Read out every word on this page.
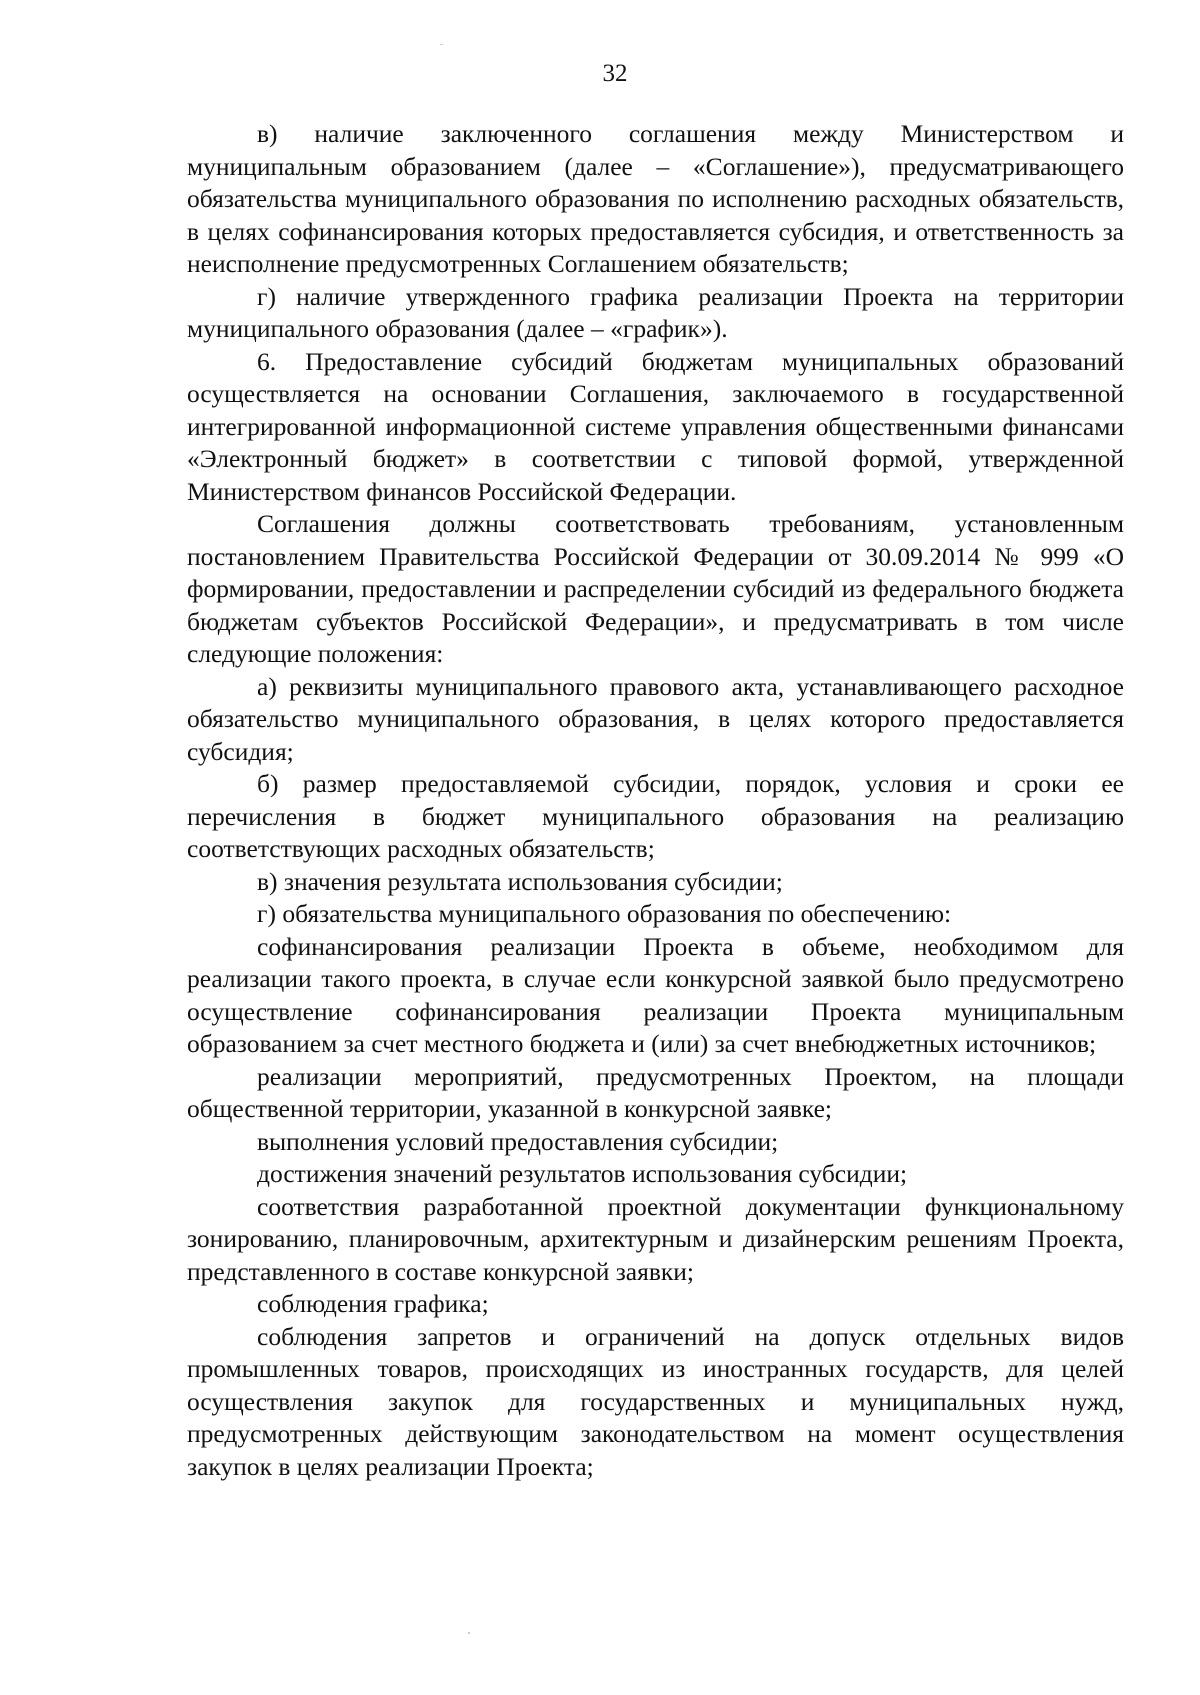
32

в) наличие заключенного соглашения между Министерством и муниципальным образованием (далее – «Соглашение»), предусматривающего обязательства муниципального образования по исполнению расходных обязательств, в целях софинансирования которых предоставляется субсидия, и ответственность за неисполнение предусмотренных Соглашением обязательств;

г) наличие утвержденного графика реализации Проекта на территории муниципального образования (далее – «график»).

6. Предоставление субсидий бюджетам муниципальных образований осуществляется на основании Соглашения, заключаемого в государственной интегрированной информационной системе управления общественными финансами «Электронный бюджет» в соответствии с типовой формой, утвержденной Министерством финансов Российской Федерации.

Соглашения должны соответствовать требованиям, установленным постановлением Правительства Российской Федерации от 30.09.2014 № 999 «О формировании, предоставлении и распределении субсидий из федерального бюджета бюджетам субъектов Российской Федерации», и предусматривать в том числе следующие положения:

а) реквизиты муниципального правового акта, устанавливающего расходное обязательство муниципального образования, в целях которого предоставляется субсидия;

б) размер предоставляемой субсидии, порядок, условия и сроки ее перечисления в бюджет муниципального образования на реализацию соответствующих расходных обязательств;

в) значения результата использования субсидии;

г) обязательства муниципального образования по обеспечению:

софинансирования реализации Проекта в объеме, необходимом для реализации такого проекта, в случае если конкурсной заявкой было предусмотрено осуществление софинансирования реализации Проекта муниципальным образованием за счет местного бюджета и (или) за счет внебюджетных источников;

реализации мероприятий, предусмотренных Проектом, на площади общественной территории, указанной в конкурсной заявке;

выполнения условий предоставления субсидии;

достижения значений результатов использования субсидии;

соответствия разработанной проектной документации функциональному зонированию, планировочным, архитектурным и дизайнерским решениям Проекта, представленного в составе конкурсной заявки;

соблюдения графика;

соблюдения запретов и ограничений на допуск отдельных видов промышленных товаров, происходящих из иностранных государств, для целей осуществления закупок для государственных и муниципальных нужд, предусмотренных действующим законодательством на момент осуществления закупок в целях реализации Проекта;
